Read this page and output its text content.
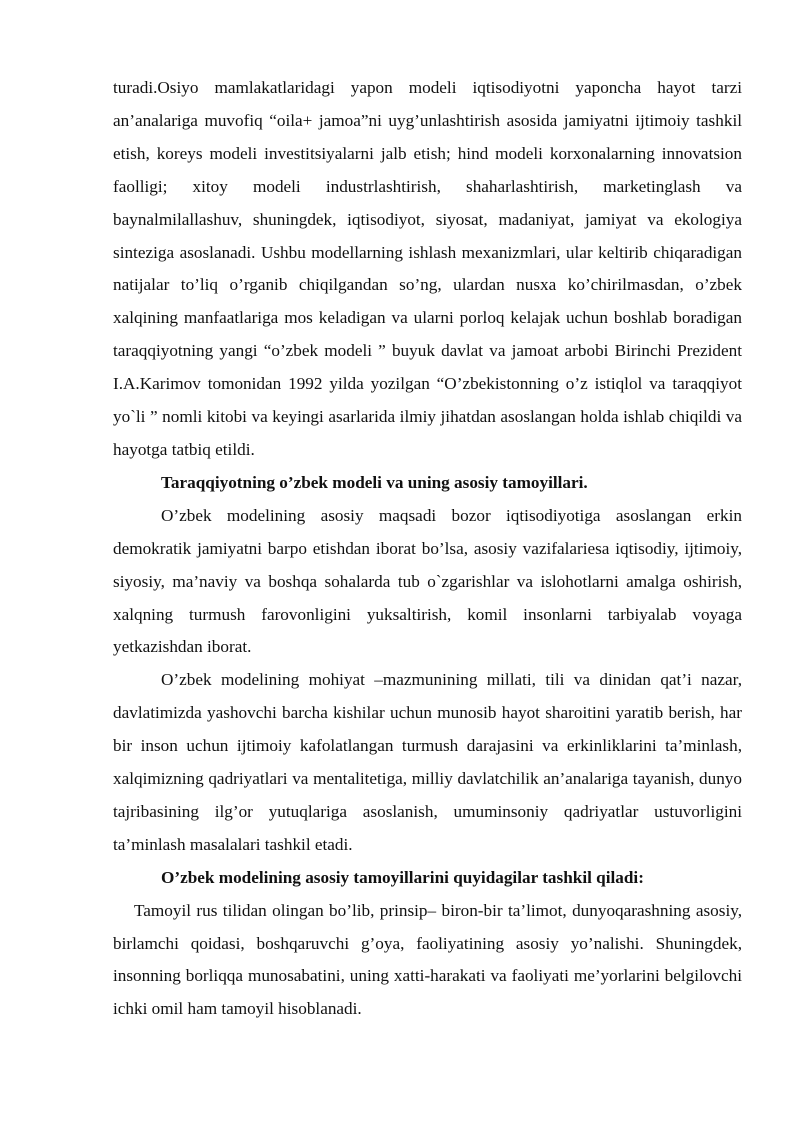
turadi.Osiyo mamlakatlaridagi yapon modeli iqtisodiyotni yaponcha hayot tarzi an’analariga muvofiq “oila+ jamoa”ni uyg’unlashtirish asosida jamiyatni ijtimoiy tashkil etish, koreys modeli investitsiyalarni jalb etish; hind modeli korxonalarning innovatsion faolligi; xitoy modeli industrlashtirish, shaharlashtirish, marketinglash va baynalmilallashuv, shuningdek, iqtisodiyot, siyosat, madaniyat, jamiyat va ekologiya sinteziga asoslanadi. Ushbu modellarning ishlash mexanizmlari, ular keltirib chiqaradigan natijalar to’liq o’rganib chiqilgandan so’ng, ulardan nusxa ko’chirilmasdan, o’zbek xalqining manfaatlariga mos keladigan va ularni porloq kelajak uchun boshlab boradigan taraqqiyotning yangi “o’zbek modeli ” buyuk davlat va jamoat arbobi Birinchi Prezident I.A.Karimov tomonidan 1992 yilda yozilgan “O’zbekistonning o’z istiqlol va taraqqiyot yo`li ” nomli kitobi va keyingi asarlarida ilmiy jihatdan asoslangan holda ishlab chiqildi va hayotga tatbiq etildi.

Taraqqiyotning o’zbek modeli va uning asosiy tamoyillari.

O’zbek modelining asosiy maqsadi bozor iqtisodiyotiga asoslangan erkin demokratik jamiyatni barpo etishdan iborat bo’lsa, asosiy vazifalariesa iqtisodiy, ijtimoiy, siyosiy, ma’naviy va boshqa sohalarda tub o`zgarishlar va islohotlarni amalga oshirish, xalqning turmush farovonligini yuksaltirish, komil insonlarni tarbiyalab voyaga yetkazishdan iborat.

O’zbek modelining mohiyat –mazmunining millati, tili va dinidan qat’i nazar, davlatimizda yashovchi barcha kishilar uchun munosib hayot sharoitini yaratib berish, har bir inson uchun ijtimoiy kafolatlangan turmush darajasini va erkinliklarini ta’minlash, xalqimizning qadriyatlari va mentalitetiga, milliy davlatchilik an’analariga tayanish, dunyo tajribasining ilg’or yutuqlariga asoslanish, umuminsoniy qadriyatlar ustuvorligini ta’minlash masalalari tashkil etadi.

O’zbek modelining asosiy tamoyillarini quyidagilar tashkil qiladi:

Tamoyil rus tilidan olingan bo’lib, prinsip– biron-bir ta’limot, dunyoqarashning asosiy, birlamchi qoidasi, boshqaruvchi g’oya, faoliyatining asosiy yo’nalishi. Shuningdek, insonning borliqqa munosabatini, uning xatti-harakati va faoliyati me’yorlarini belgilovchi ichki omil ham tamoyil hisoblanadi.
